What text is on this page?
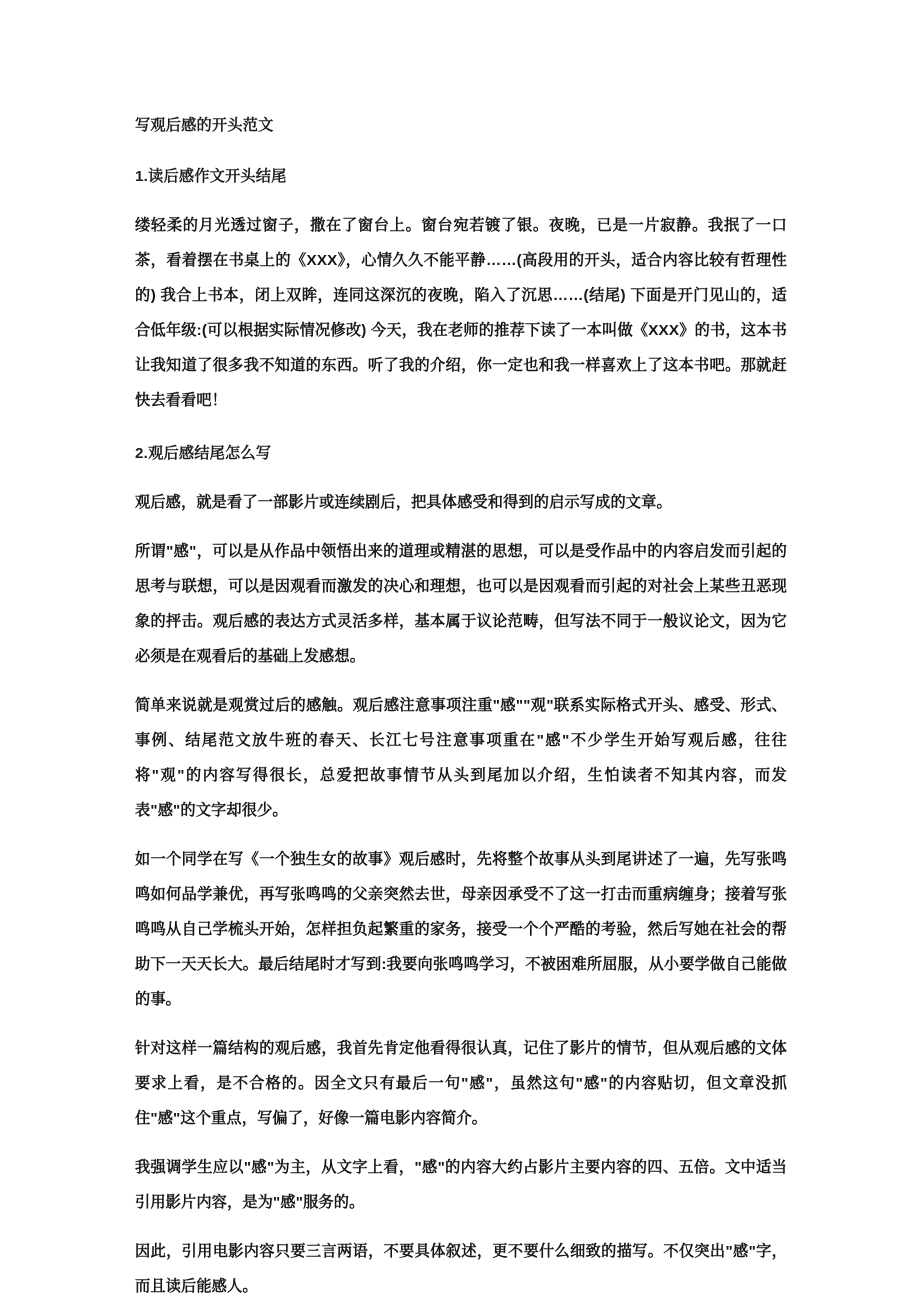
写观后感的开头范文
1.读后感作文开头结尾

缕轻柔的月光透过窗子，撒在了窗台上。窗台宛若镀了银。夜晚，已是一片寂静。我抿了一口茶，看着摆在书桌上的《XXX》，心情久久不能平静……(高段用的开头，适合内容比较有哲理性的) 我合上书本，闭上双眸，连同这深沉的夜晚，陷入了沉思……(结尾) 下面是开门见山的，适合低年级:(可以根据实际情况修改) 今天，我在老师的推荐下读了一本叫做《XXX》的书，这本书让我知道了很多我不知道的东西。听了我的介绍，你一定也和我一样喜欢上了这本书吧。那就赶快去看看吧！

2.观后感结尾怎么写

观后感，就是看了一部影片或连续剧后，把具体感受和得到的启示写成的文章。

所谓"感"，可以是从作品中领悟出来的道理或精湛的思想，可以是受作品中的内容启发而引起的思考与联想，可以是因观看而激发的决心和理想，也可以是因观看而引起的对社会上某些丑恶现象的抨击。观后感的表达方式灵活多样，基本属于议论范畴，但写法不同于一般议论文，因为它必须是在观看后的基础上发感想。

简单来说就是观赏过后的感触。观后感注意事项注重"感""观"联系实际格式开头、感受、形式、事例、结尾范文放牛班的春天、长江七号注意事项重在"感"不少学生开始写观后感，往往将"观"的内容写得很长，总爱把故事情节从头到尾加以介绍，生怕读者不知其内容，而发表"感"的文字却很少。

如一个同学在写《一个独生女的故事》观后感时，先将整个故事从头到尾讲述了一遍，先写张鸣鸣如何品学兼优，再写张鸣鸣的父亲突然去世，母亲因承受不了这一打击而重病缠身；接着写张鸣鸣从自己学梳头开始，怎样担负起繁重的家务，接受一个个严酷的考验，然后写她在社会的帮助下一天天长大。最后结尾时才写到:我要向张鸣鸣学习，不被困难所屈服，从小要学做自己能做的事。

针对这样一篇结构的观后感，我首先肯定他看得很认真，记住了影片的情节，但从观后感的文体要求上看，是不合格的。因全文只有最后一句"感"，虽然这句"感"的内容贴切，但文章没抓住"感"这个重点，写偏了，好像一篇电影内容简介。

我强调学生应以"感"为主，从文字上看，"感"的内容大约占影片主要内容的四、五倍。文中适当引用影片内容，是为"感"服务的。

因此，引用电影内容只要三言两语，不要具体叙述，更不要什么细致的描写。不仅突出"感"字，而且读后能感人。
